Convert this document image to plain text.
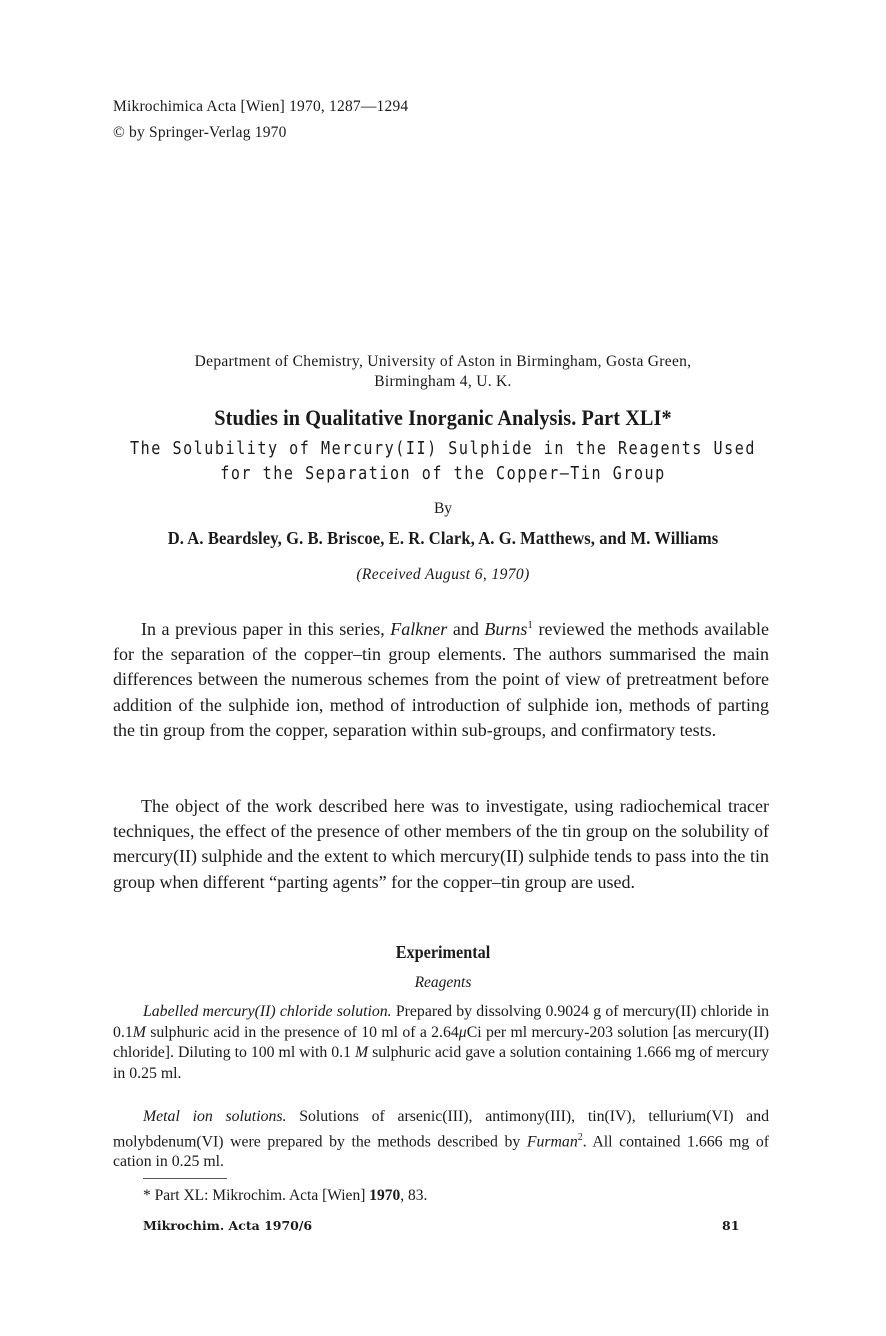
Mikrochimica Acta [Wien] 1970, 1287—1294
© by Springer-Verlag 1970
Department of Chemistry, University of Aston in Birmingham, Gosta Green,
Birmingham 4, U. K.
Studies in Qualitative Inorganic Analysis. Part XLI*
The Solubility of Mercury(II) Sulphide in the Reagents Used
for the Separation of the Copper–Tin Group
By
D. A. Beardsley, G. B. Briscoe, E. R. Clark, A. G. Matthews, and M. Williams
(Received August 6, 1970)

In a previous paper in this series, Falkner and Burns$^1$ reviewed the methods available for the separation of the copper–tin group elements. The authors summarised the main differences between the numerous schemes from the point of view of pretreatment before addition of the sulphide ion, method of introduction of sulphide ion, methods of parting the tin group from the copper, separation within sub-groups, and confirmatory tests.

The object of the work described here was to investigate, using radiochemical tracer techniques, the effect of the presence of other members of the tin group on the solubility of mercury(II) sulphide and the extent to which mercury(II) sulphide tends to pass into the tin group when different “parting agents” for the copper–tin group are used.

Experimental
Reagents

Labelled mercury(II) chloride solution. Prepared by dissolving 0.9024 g of mercury(II) chloride in 0.1M sulphuric acid in the presence of 10 ml of a 2.64μCi per ml mercury-203 solution [as mercury(II) chloride]. Diluting to 100 ml with 0.1 M sulphuric acid gave a solution containing 1.666 mg of mercury in 0.25 ml.

Metal ion solutions. Solutions of arsenic(III), antimony(III), tin(IV), tellurium(VI) and molybdenum(VI) were prepared by the methods described by Furman$^2$. All contained 1.666 mg of cation in 0.25 ml.

* Part XL: Mikrochim. Acta [Wien] 1970, 83.
Mikrochim. Acta 1970/6	81
